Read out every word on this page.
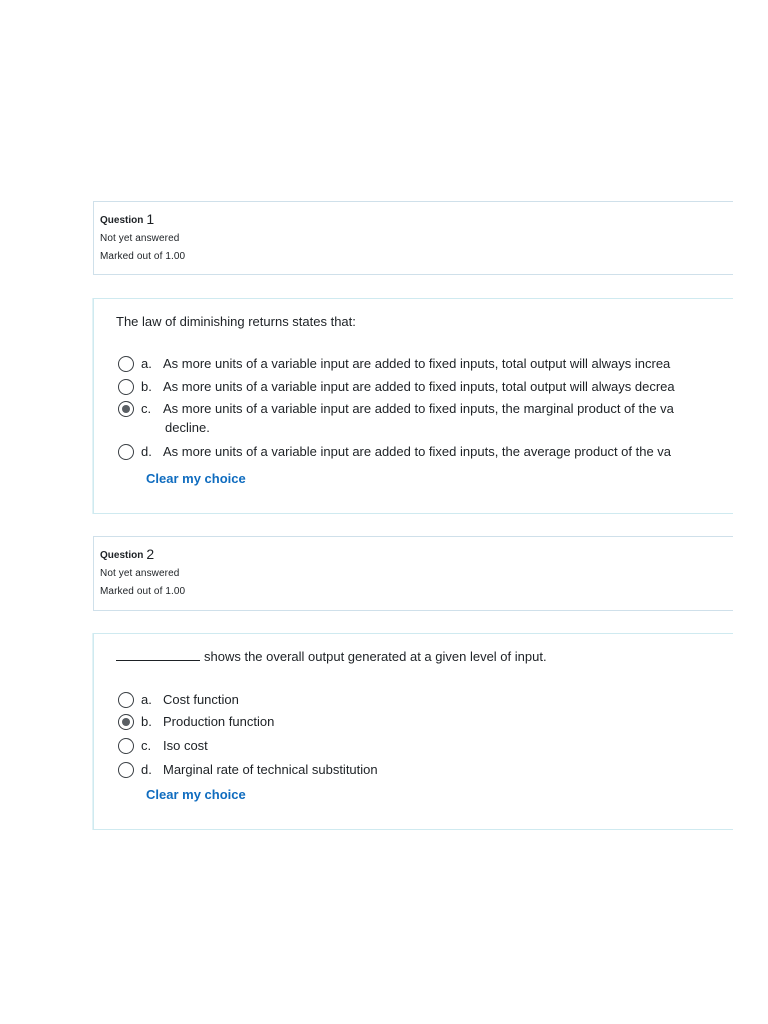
Question 1
Not yet answered
Marked out of 1.00
The law of diminishing returns states that:
a. As more units of a variable input are added to fixed inputs, total output will always increa
b. As more units of a variable input are added to fixed inputs, total output will always decrea
c. As more units of a variable input are added to fixed inputs, the marginal product of the va
decline.
d. As more units of a variable input are added to fixed inputs, the average product of the va
Clear my choice
Question 2
Not yet answered
Marked out of 1.00
shows the overall output generated at a given level of input.
a. Cost function
b. Production function
c. Iso cost
d. Marginal rate of technical substitution
Clear my choice
